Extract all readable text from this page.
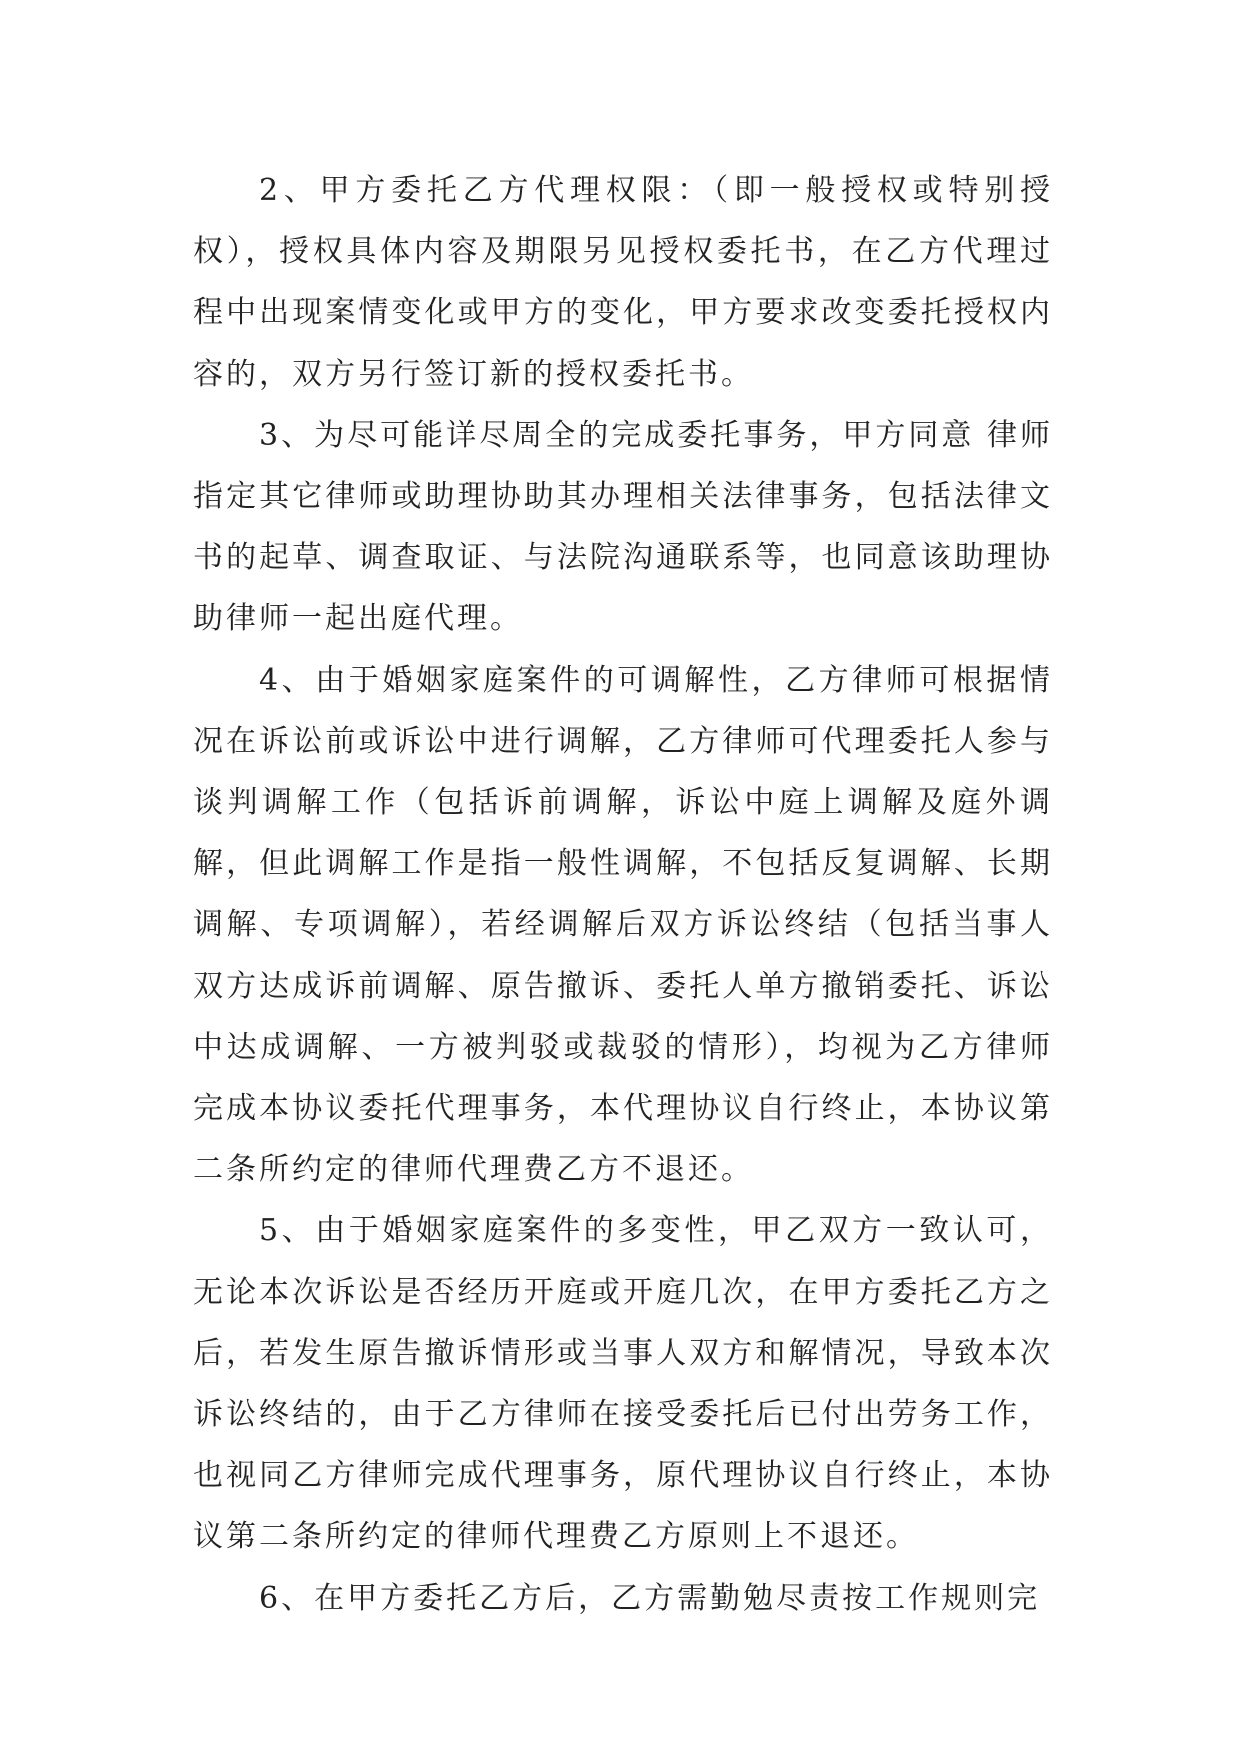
2、甲方委托乙方代理权限：（即一般授权或特别授权），授权具体内容及期限另见授权委托书，在乙方代理过程中出现案情变化或甲方的变化，甲方要求改变委托授权内容的，双方另行签订新的授权委托书。

3、为尽可能详尽周全的完成委托事务，甲方同意 律师指定其它律师或助理协助其办理相关法律事务，包括法律文书的起草、调查取证、与法院沟通联系等，也同意该助理协助律师一起出庭代理。

4、由于婚姻家庭案件的可调解性，乙方律师可根据情况在诉讼前或诉讼中进行调解，乙方律师可代理委托人参与谈判调解工作（包括诉前调解，诉讼中庭上调解及庭外调解，但此调解工作是指一般性调解，不包括反复调解、长期调解、专项调解），若经调解后双方诉讼终结（包括当事人双方达成诉前调解、原告撤诉、委托人单方撤销委托、诉讼中达成调解、一方被判驳或裁驳的情形），均视为乙方律师完成本协议委托代理事务，本代理协议自行终止，本协议第二条所约定的律师代理费乙方不退还。

5、由于婚姻家庭案件的多变性，甲乙双方一致认可，无论本次诉讼是否经历开庭或开庭几次，在甲方委托乙方之后，若发生原告撤诉情形或当事人双方和解情况，导致本次诉讼终结的，由于乙方律师在接受委托后已付出劳务工作，也视同乙方律师完成代理事务，原代理协议自行终止，本协议第二条所约定的律师代理费乙方原则上不退还。

6、在甲方委托乙方后，乙方需勤勉尽责按工作规则完
